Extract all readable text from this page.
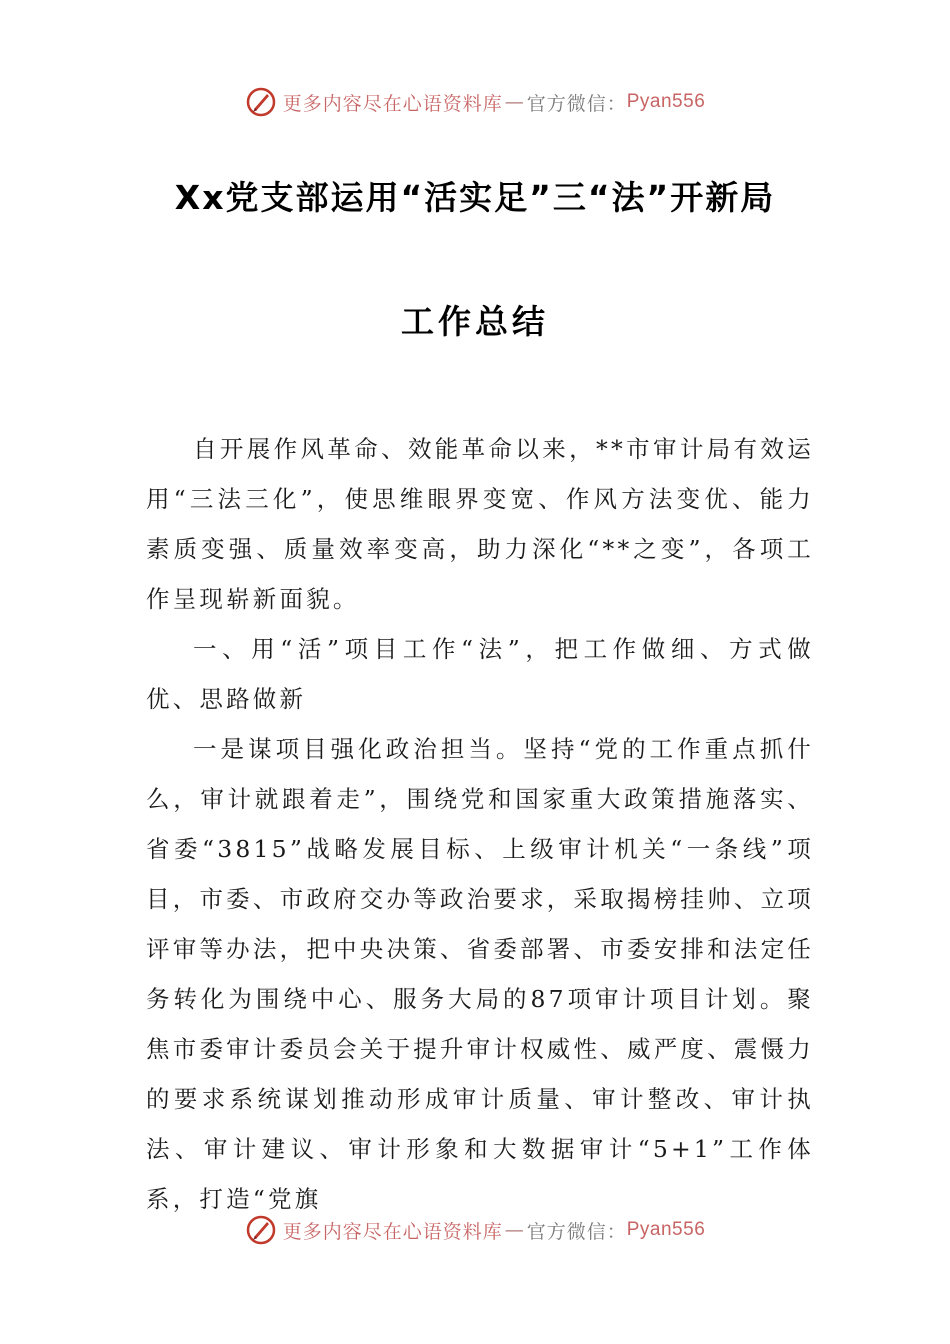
更多内容尽在心语资料库 — 官方微信： Pyan556
Xx党支部运用“活实足”三“法”开新局
工作总结

自开展作风革命、效能革命以来，**市审计局有效运用“三法三化”，使思维眼界变宽、作风方法变优、能力素质变强、质量效率变高，助力深化“**之变”，各项工作呈现崭新面貌。

一、用“活”项目工作“法”，把工作做细、方式做优、思路做新

一是谋项目强化政治担当。坚持“党的工作重点抓什么，审计就跟着走”，围绕党和国家重大政策措施落实、省委“3815”战略发展目标、上级审计机关“一条线”项目，市委、市政府交办等政治要求，采取揭榜挂帅、立项评审等办法，把中央决策、省委部署、市委安排和法定任务转化为围绕中心、服务大局的87项审计项目计划。聚焦市委审计委员会关于提升审计权威性、威严度、震慑力的要求系统谋划推动形成审计质量、审计整改、审计执法、审计建议、审计形象和大数据审计“5+1”工作体系，打造“党旗

更多内容尽在心语资料库 — 官方微信： Pyan556
